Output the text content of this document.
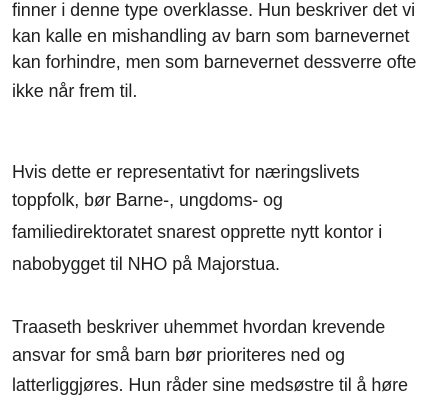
finner i denne type overklasse. Hun beskriver det vi
kan kalle en mishandling av barn som barnevernet
kan forhindre, men som barnevernet dessverre ofte
ikke når frem til.
Hvis dette er representativt for næringslivets
toppfolk, bør Barne-, ungdoms- og
familiedirektoratet snarest opprette nytt kontor i
nabobygget til NHO på Majorstua.
Traaseth beskriver uhemmet hvordan krevende
ansvar for små barn bør prioriteres ned og
latterliggjøres. Hun råder sine medsøstre til å høre
